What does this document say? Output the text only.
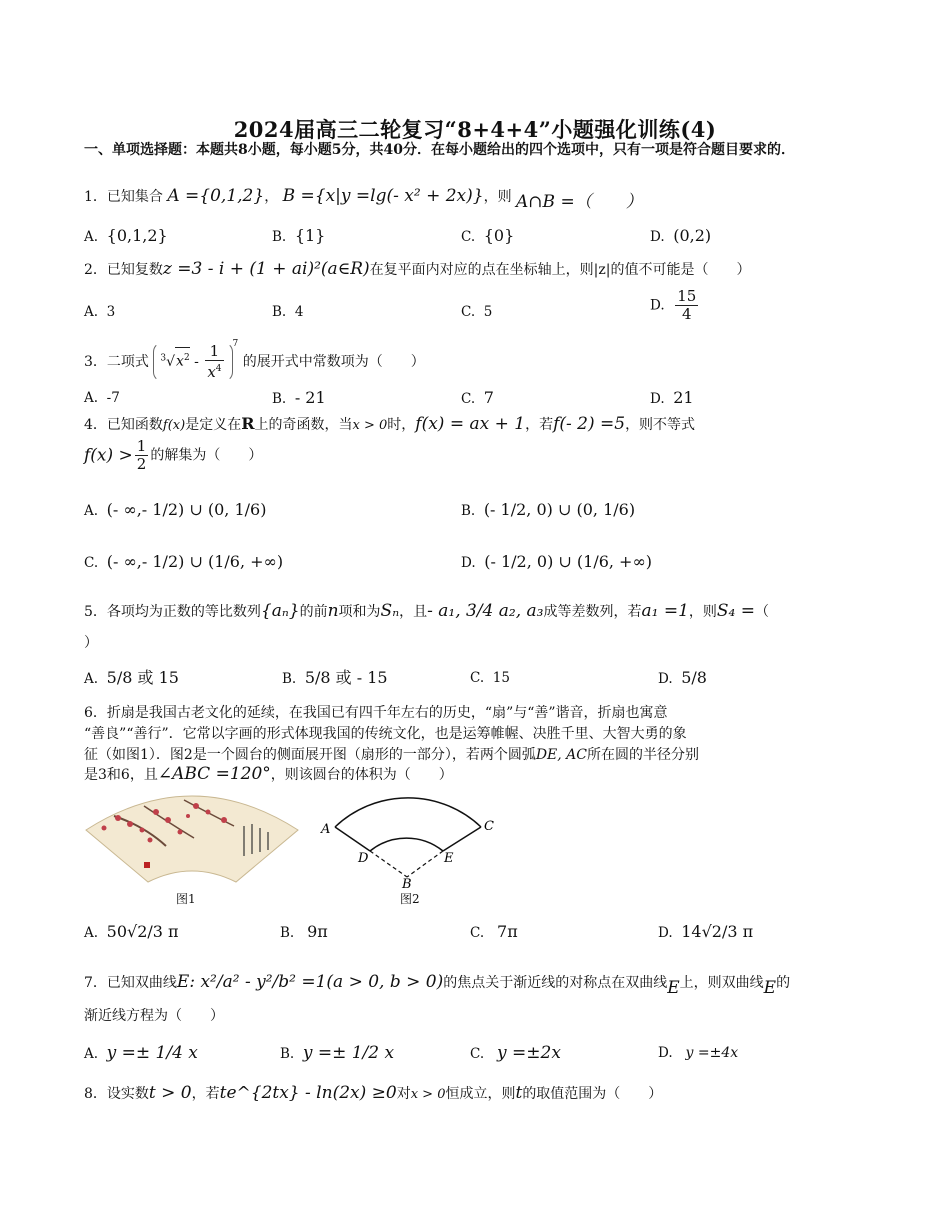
2024届高三二轮复习“8+4+4”小题强化训练(4)
一、单项选择题：本题共8小题，每小题5分，共40分．在每小题给出的四个选项中，只有一项是符合题目要求的．
1．已知集合 A ={0,1,2}， B ={x|y =lg(- x² + 2x)}，则 A∩B =（　　）
A. {0,1,2}	B. {1}	C. {0}	D. (0,2)
2．已知复数z =3 - i + (1 + ai)²(a∈R)在复平面内对应的点在坐标轴上，则|z|的值不可能是（　　）
A. 3	B. 4	C. 5	D. $\frac{15}{4}$
3．二项式 $^3√x^2 - \frac{1}{x^4} ^7$ 的展开式中常数项为（　　）
A. -7	B. - 21	C. 7	D. 21
4．已知函数f(x)是定义在R上的奇函数，当x > 0时，f(x) = ax + 1，若f(- 2) =5，则不等式
$f(x) > \frac{1}{2}$ 的解集为（　　）
A. (- ∞,- 1/2) ∪ (0, 1/6)	B. (- 1/2, 0) ∪ (0, 1/6)
C. (- ∞,- 1/2) ∪ (1/6, +∞)	D. (- 1/2, 0) ∪ (1/6, +∞)
5．各项均为正数的等比数列{aₙ}的前n项和为Sₙ，且- a₁, 3/4 a₂, a₃成等差数列，若a₁ =1，则S₄ =（
）
A. 5/8 或 15	B. 5/8 或 - 15	C. 15	D. 5/8
6．折扇是我国古老文化的延续，在我国已有四千年左右的历史，“扇”与“善”谐音，折扇也寓意
“善良”“善行”．它常以字画的形式体现我国的传统文化，也是运筹帷幄、决胜千里、大智大勇的象
征（如图1）．图2是一个圆台的侧面展开图（扇形的一部分），若两个圆弧DE, AC所在圆的半径分别
是3和6，且∠ABC =120°，则该圆台的体积为（　　）
图1
A	C
D	E
B
图2
A. 50√2/3 π	B. 9π	C. 7π	D. 14√2/3 π
7．已知双曲线E: x²/a² - y²/b² =1(a > 0, b > 0)的焦点关于渐近线的对称点在双曲线E上，则双曲线E的
渐近线方程为（　　）
A. y =± 1/4 x	B. y =± 1/2 x	C. y =±2x	D. y =±4x
8．设实数t > 0，若te^{2tx} - ln(2x) ≥0对x > 0恒成立，则t的取值范围为（　　）
